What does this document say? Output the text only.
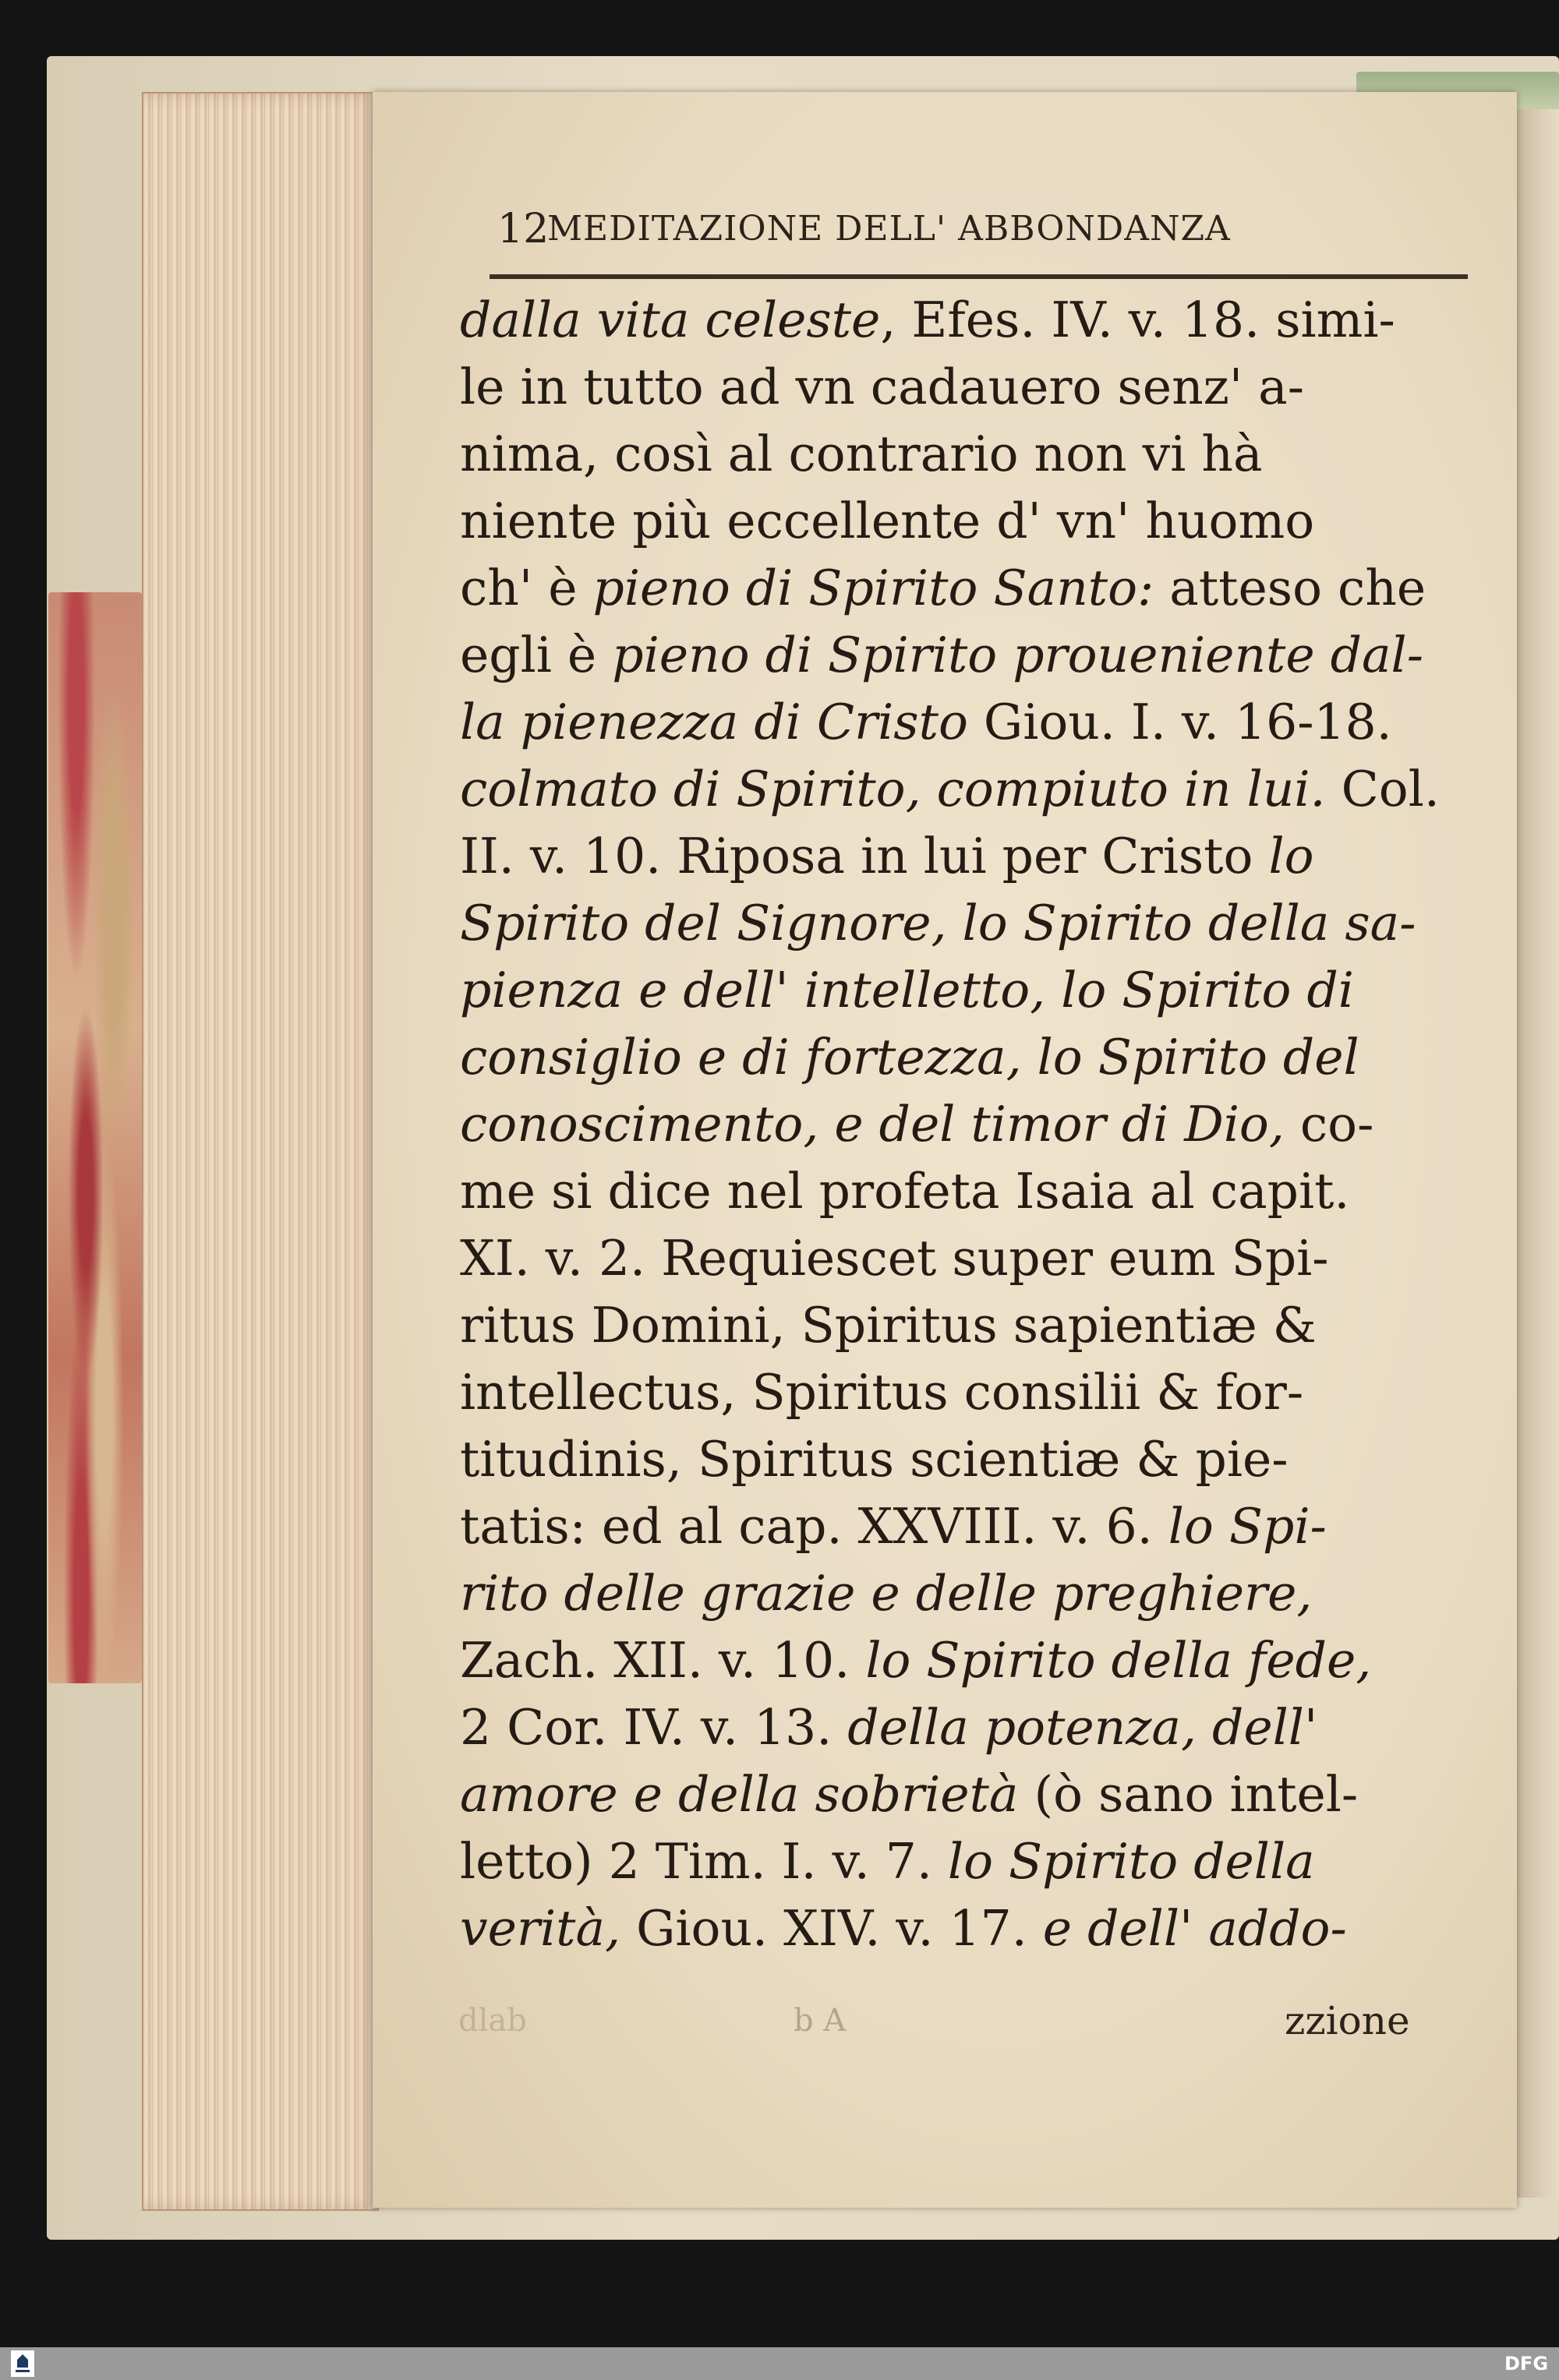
12
MEDITAZIONE DELL' ABBONDANZA
dalla vita celeste, Efes. IV. v. 18. simi-
le in tutto ad vn cadauero senz' a-
nima, così al contrario non vi hà
niente più eccellente d' vn' huomo
ch' è pieno di Spirito Santo: atteso che
egli è pieno di Spirito proueniente dal-
la pienezza di Cristo Giou. I. v. 16-18.
colmato di Spirito, compiuto in lui. Col.
II. v. 10. Riposa in lui per Cristo lo
Spirito del Signore, lo Spirito della sa-
pienza e dell' intelletto, lo Spirito di
consiglio e di fortezza, lo Spirito del
conoscimento, e del timor di Dio, co-
me si dice nel profeta Isaia al capit.
XI. v. 2. Requiescet super eum Spi-
ritus Domini, Spiritus sapientiæ &
intellectus, Spiritus consilii & for-
titudinis, Spiritus scientiæ & pie-
tatis: ed al cap. XXVIII. v. 6. lo Spi-
rito delle grazie e delle preghiere,
Zach. XII. v. 10. lo Spirito della fede,
2 Cor. IV. v. 13. della potenza, dell'
amore e della sobrietà (ò sano intel-
letto) 2 Tim. I. v. 7. lo Spirito della
verità, Giou. XIV. v. 17. e dell' addo-
dlab	b A	zzione
DFG
